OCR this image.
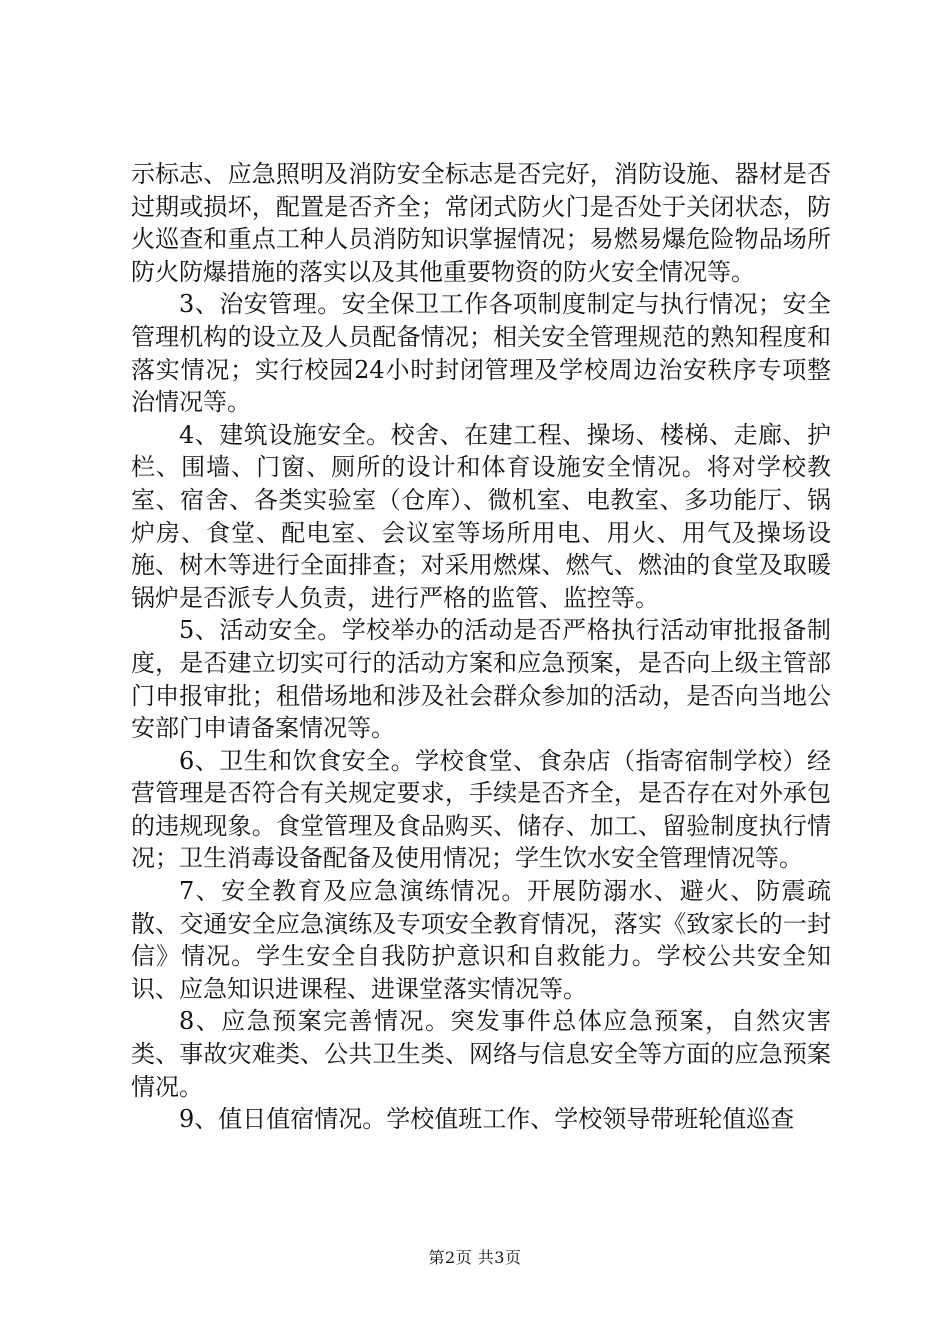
示标志、应急照明及消防安全标志是否完好，消防设施、器材是否过期或损坏，配置是否齐全；常闭式防火门是否处于关闭状态，防火巡查和重点工种人员消防知识掌握情况；易燃易爆危险物品场所防火防爆措施的落实以及其他重要物资的防火安全情况等。

3、治安管理。安全保卫工作各项制度制定与执行情况；安全管理机构的设立及人员配备情况；相关安全管理规范的熟知程度和落实情况；实行校园24小时封闭管理及学校周边治安秩序专项整治情况等。

4、建筑设施安全。校舍、在建工程、操场、楼梯、走廊、护栏、围墙、门窗、厕所的设计和体育设施安全情况。将对学校教室、宿舍、各类实验室（仓库）、微机室、电教室、多功能厅、锅炉房、食堂、配电室、会议室等场所用电、用火、用气及操场设施、树木等进行全面排查；对采用燃煤、燃气、燃油的食堂及取暖锅炉是否派专人负责，进行严格的监管、监控等。

5、活动安全。学校举办的活动是否严格执行活动审批报备制度，是否建立切实可行的活动方案和应急预案，是否向上级主管部门申报审批；租借场地和涉及社会群众参加的活动，是否向当地公安部门申请备案情况等。

6、卫生和饮食安全。学校食堂、食杂店（指寄宿制学校）经营管理是否符合有关规定要求，手续是否齐全，是否存在对外承包的违规现象。食堂管理及食品购买、储存、加工、留验制度执行情况；卫生消毒设备配备及使用情况；学生饮水安全管理情况等。

7、安全教育及应急演练情况。开展防溺水、避火、防震疏散、交通安全应急演练及专项安全教育情况，落实《致家长的一封信》情况。学生安全自我防护意识和自救能力。学校公共安全知识、应急知识进课程、进课堂落实情况等。

8、应急预案完善情况。突发事件总体应急预案，自然灾害类、事故灾难类、公共卫生类、网络与信息安全等方面的应急预案情况。

9、值日值宿情况。学校值班工作、学校领导带班轮值巡查

第2页 共3页
